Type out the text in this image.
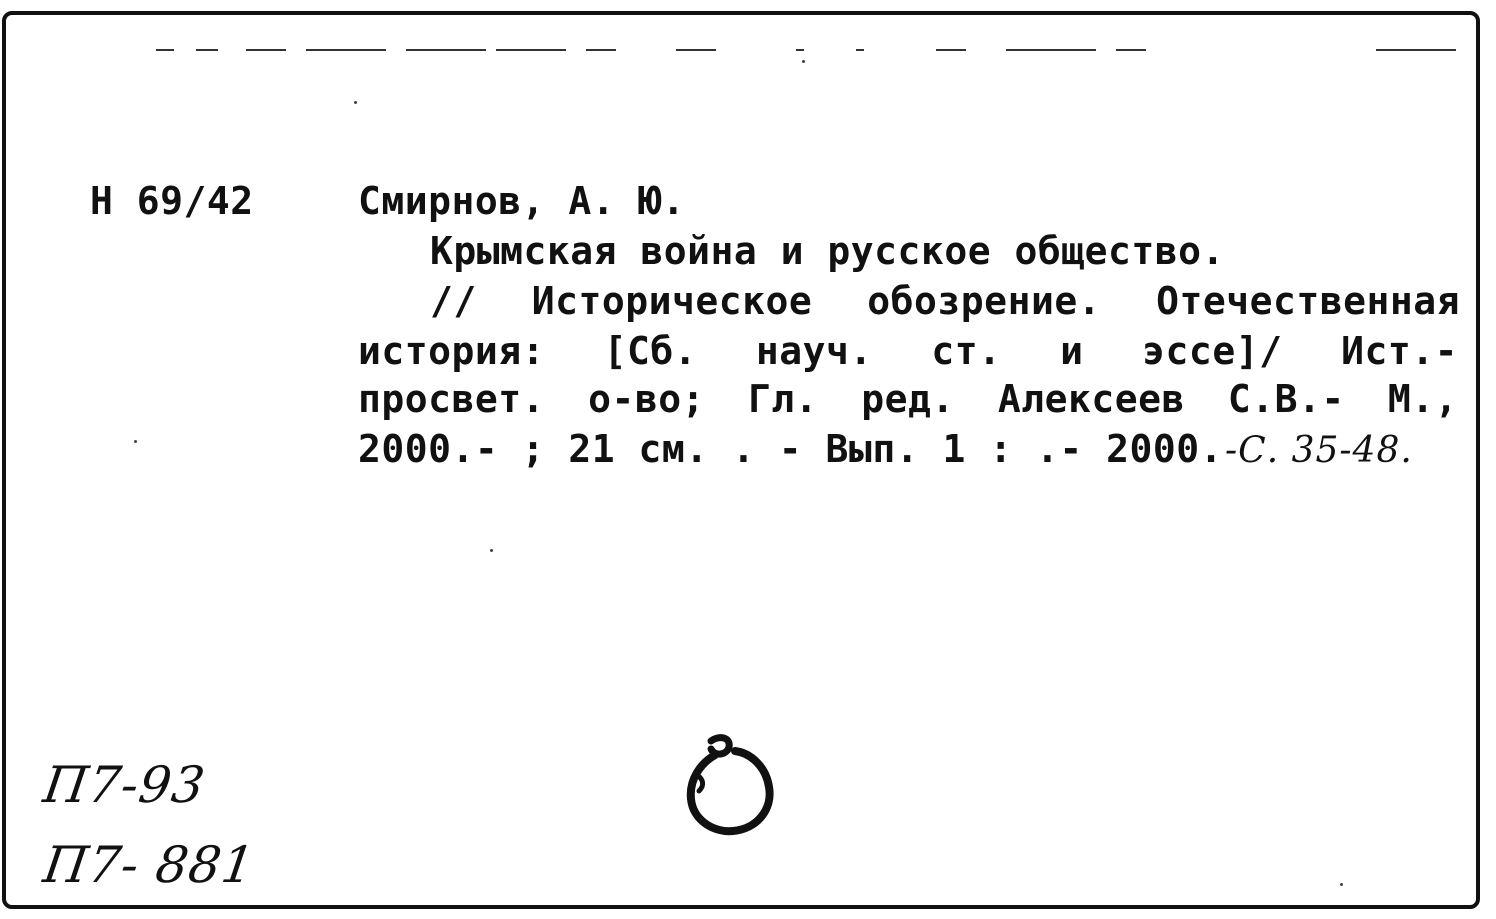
Н 69/42	Смирнов, А. Ю.
Крымская война и русское общество.
// Историческое обозрение. Отечественная
история: [Сб. науч. ст. и эссе]/ Ист.-
просвет. о-во; Гл. ред. Алексеев С.В.- М.,
2000.- ; 21 см. . - Вып. 1 : .- 2000.-С. 35-48.
П7-93
П7- 881
